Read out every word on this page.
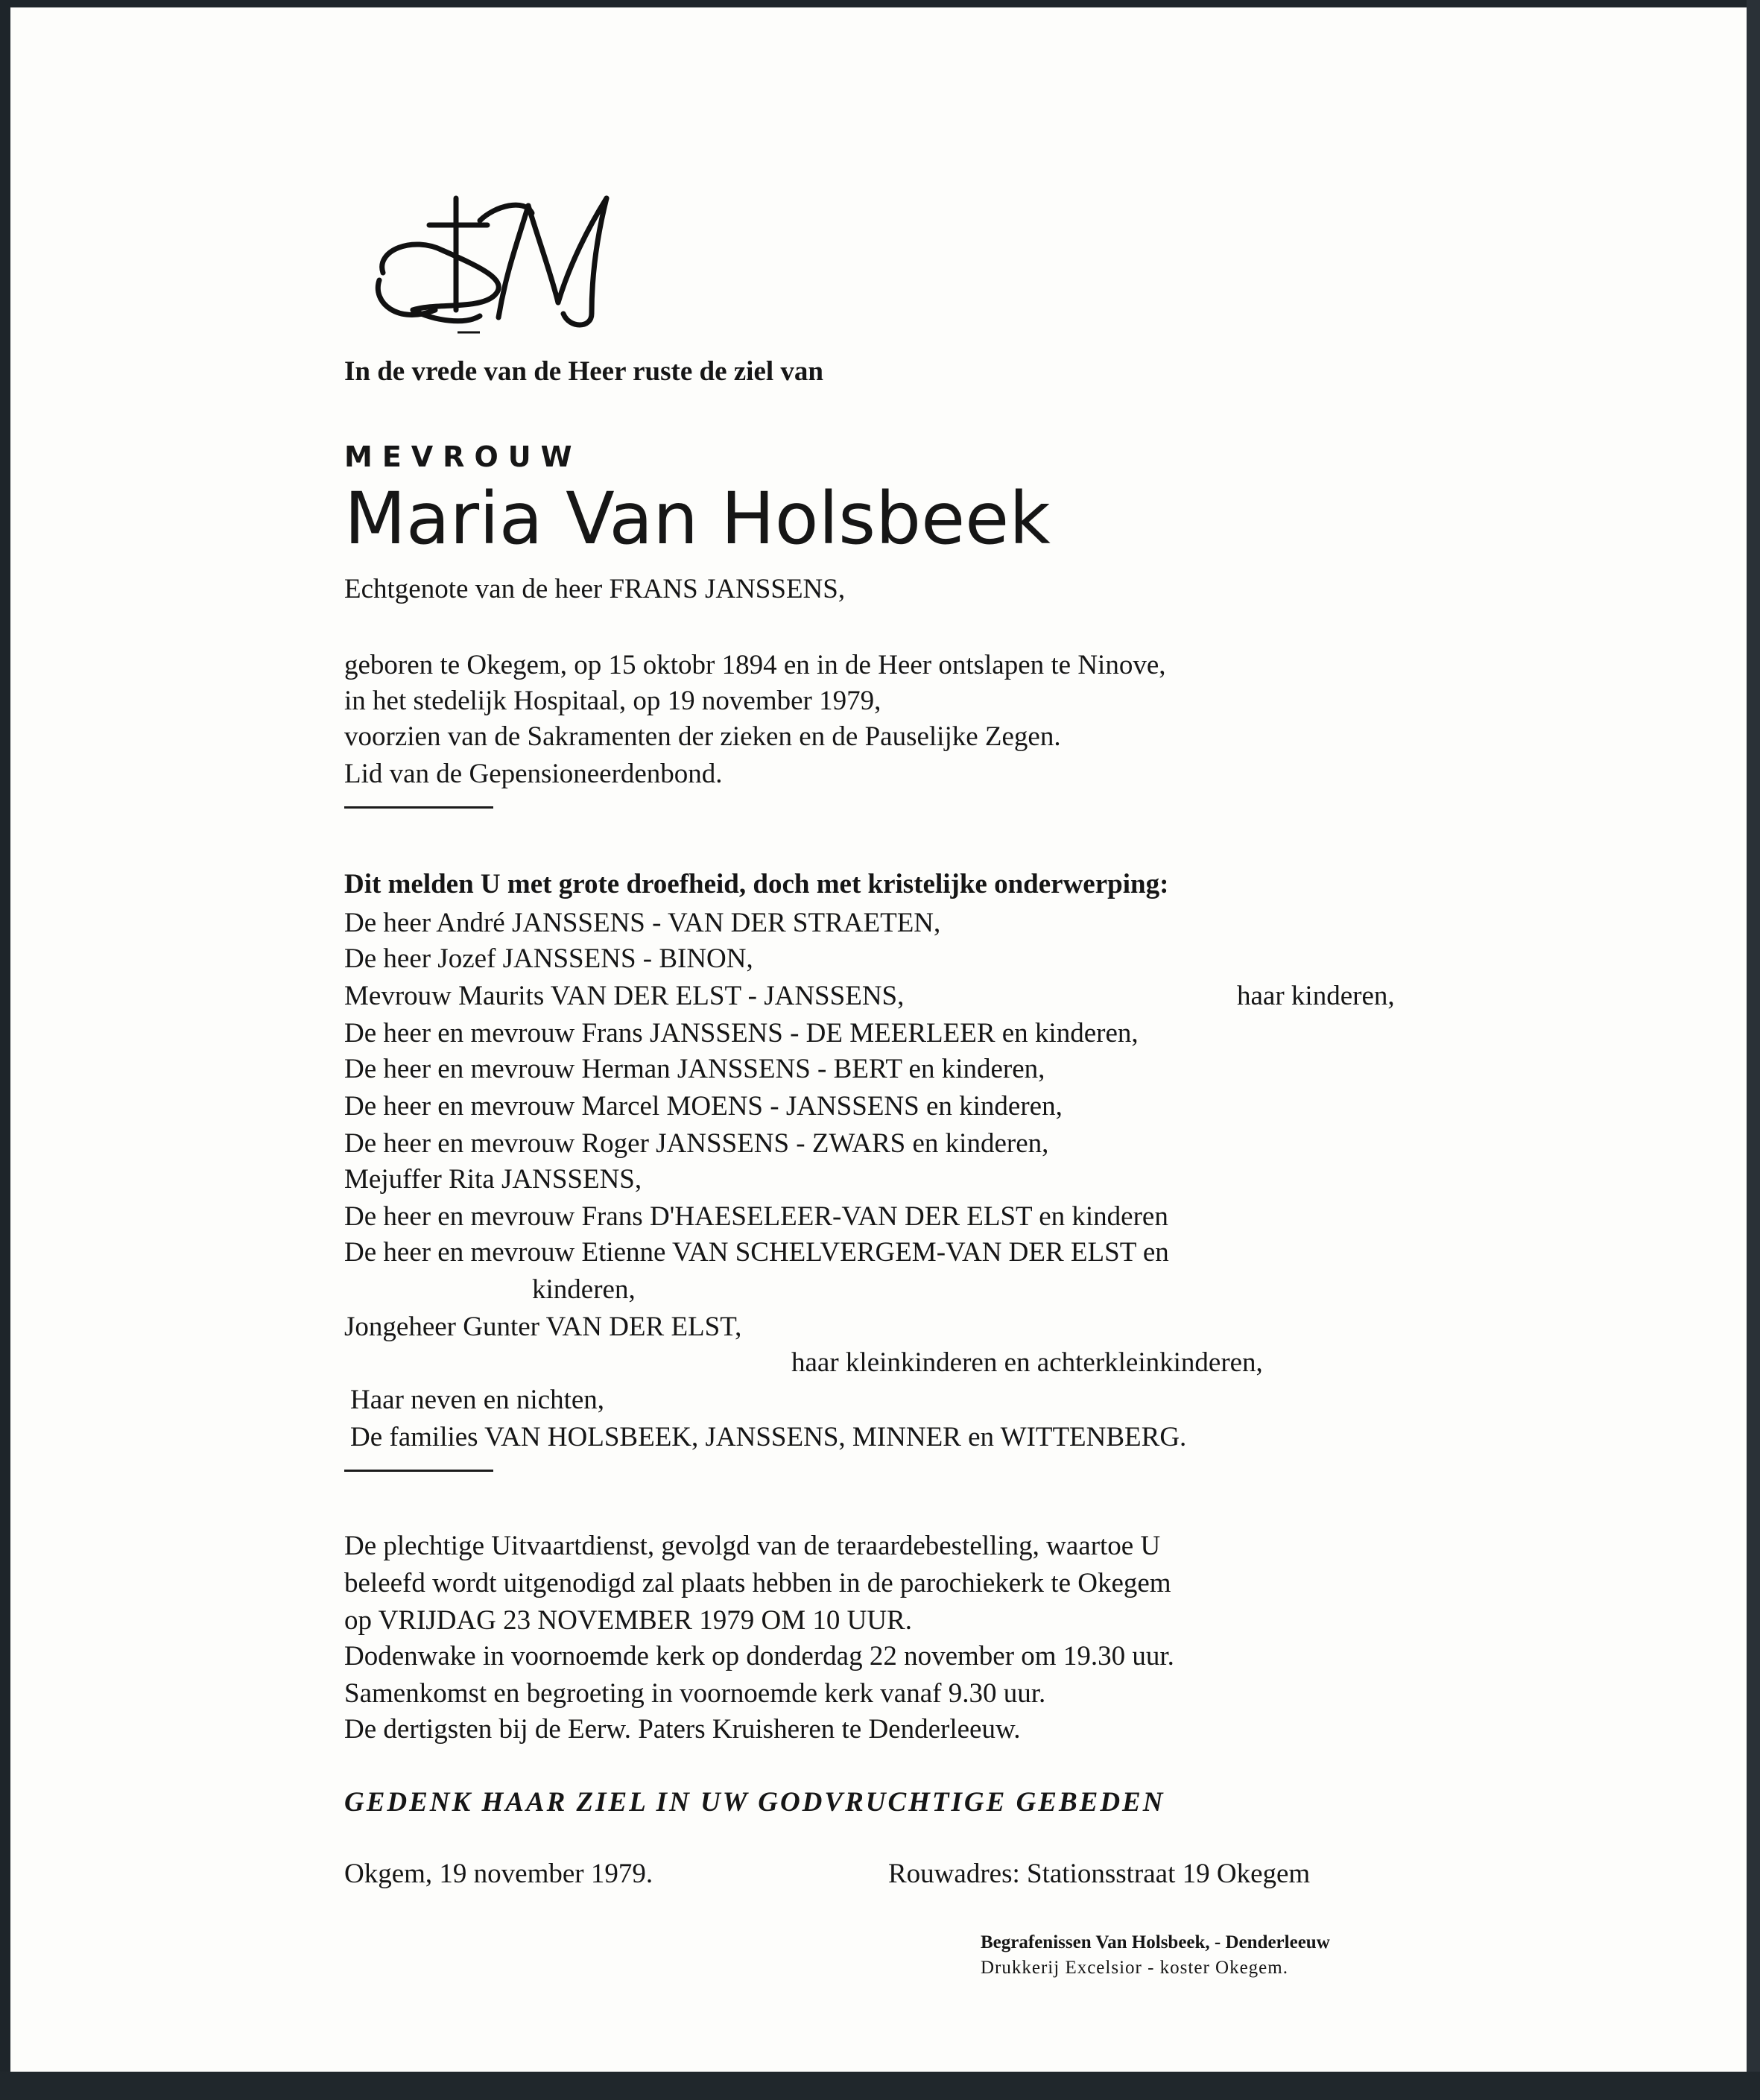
In de vrede van de Heer ruste de ziel van
MEVROUW
Maria Van Holsbeek
Echtgenote van de heer FRANS JANSSENS,
geboren te Okegem, op 15 oktobr 1894 en in de Heer ontslapen te Ninove,
in het stedelijk Hospitaal, op 19 november 1979,
voorzien van de Sakramenten der zieken en de Pauselijke Zegen.
Lid van de Gepensioneerdenbond.
Dit melden U met grote droefheid, doch met kristelijke onderwerping:
De heer André JANSSENS - VAN DER STRAETEN,
De heer Jozef JANSSENS - BINON,
Mevrouw Maurits VAN DER ELST - JANSSENS,	haar kinderen,
De heer en mevrouw Frans JANSSENS - DE MEERLEER en kinderen,
De heer en mevrouw Herman JANSSENS - BERT en kinderen,
De heer en mevrouw Marcel MOENS - JANSSENS en kinderen,
De heer en mevrouw Roger JANSSENS - ZWARS en kinderen,
Mejuffer Rita JANSSENS,
De heer en mevrouw Frans D'HAESELEER-VAN DER ELST en kinderen
De heer en mevrouw Etienne VAN SCHELVERGEM-VAN DER ELST en
kinderen,
Jongeheer Gunter VAN DER ELST,
haar kleinkinderen en achterkleinkinderen,
Haar neven en nichten,
De families VAN HOLSBEEK, JANSSENS, MINNER en WITTENBERG.
De plechtige Uitvaartdienst, gevolgd van de teraardebestelling, waartoe U
beleefd wordt uitgenodigd zal plaats hebben in de parochiekerk te Okegem
op VRIJDAG 23 NOVEMBER 1979 OM 10 UUR.
Dodenwake in voornoemde kerk op donderdag 22 november om 19.30 uur.
Samenkomst en begroeting in voornoemde kerk vanaf 9.30 uur.
De dertigsten bij de Eerw. Paters Kruisheren te Denderleeuw.
GEDENK HAAR ZIEL IN UW GODVRUCHTIGE GEBEDEN
Okgem, 19 november 1979.	Rouwadres: Stationsstraat 19 Okegem
Begrafenissen Van Holsbeek, - Denderleeuw
Drukkerij Excelsior - koster Okegem.
